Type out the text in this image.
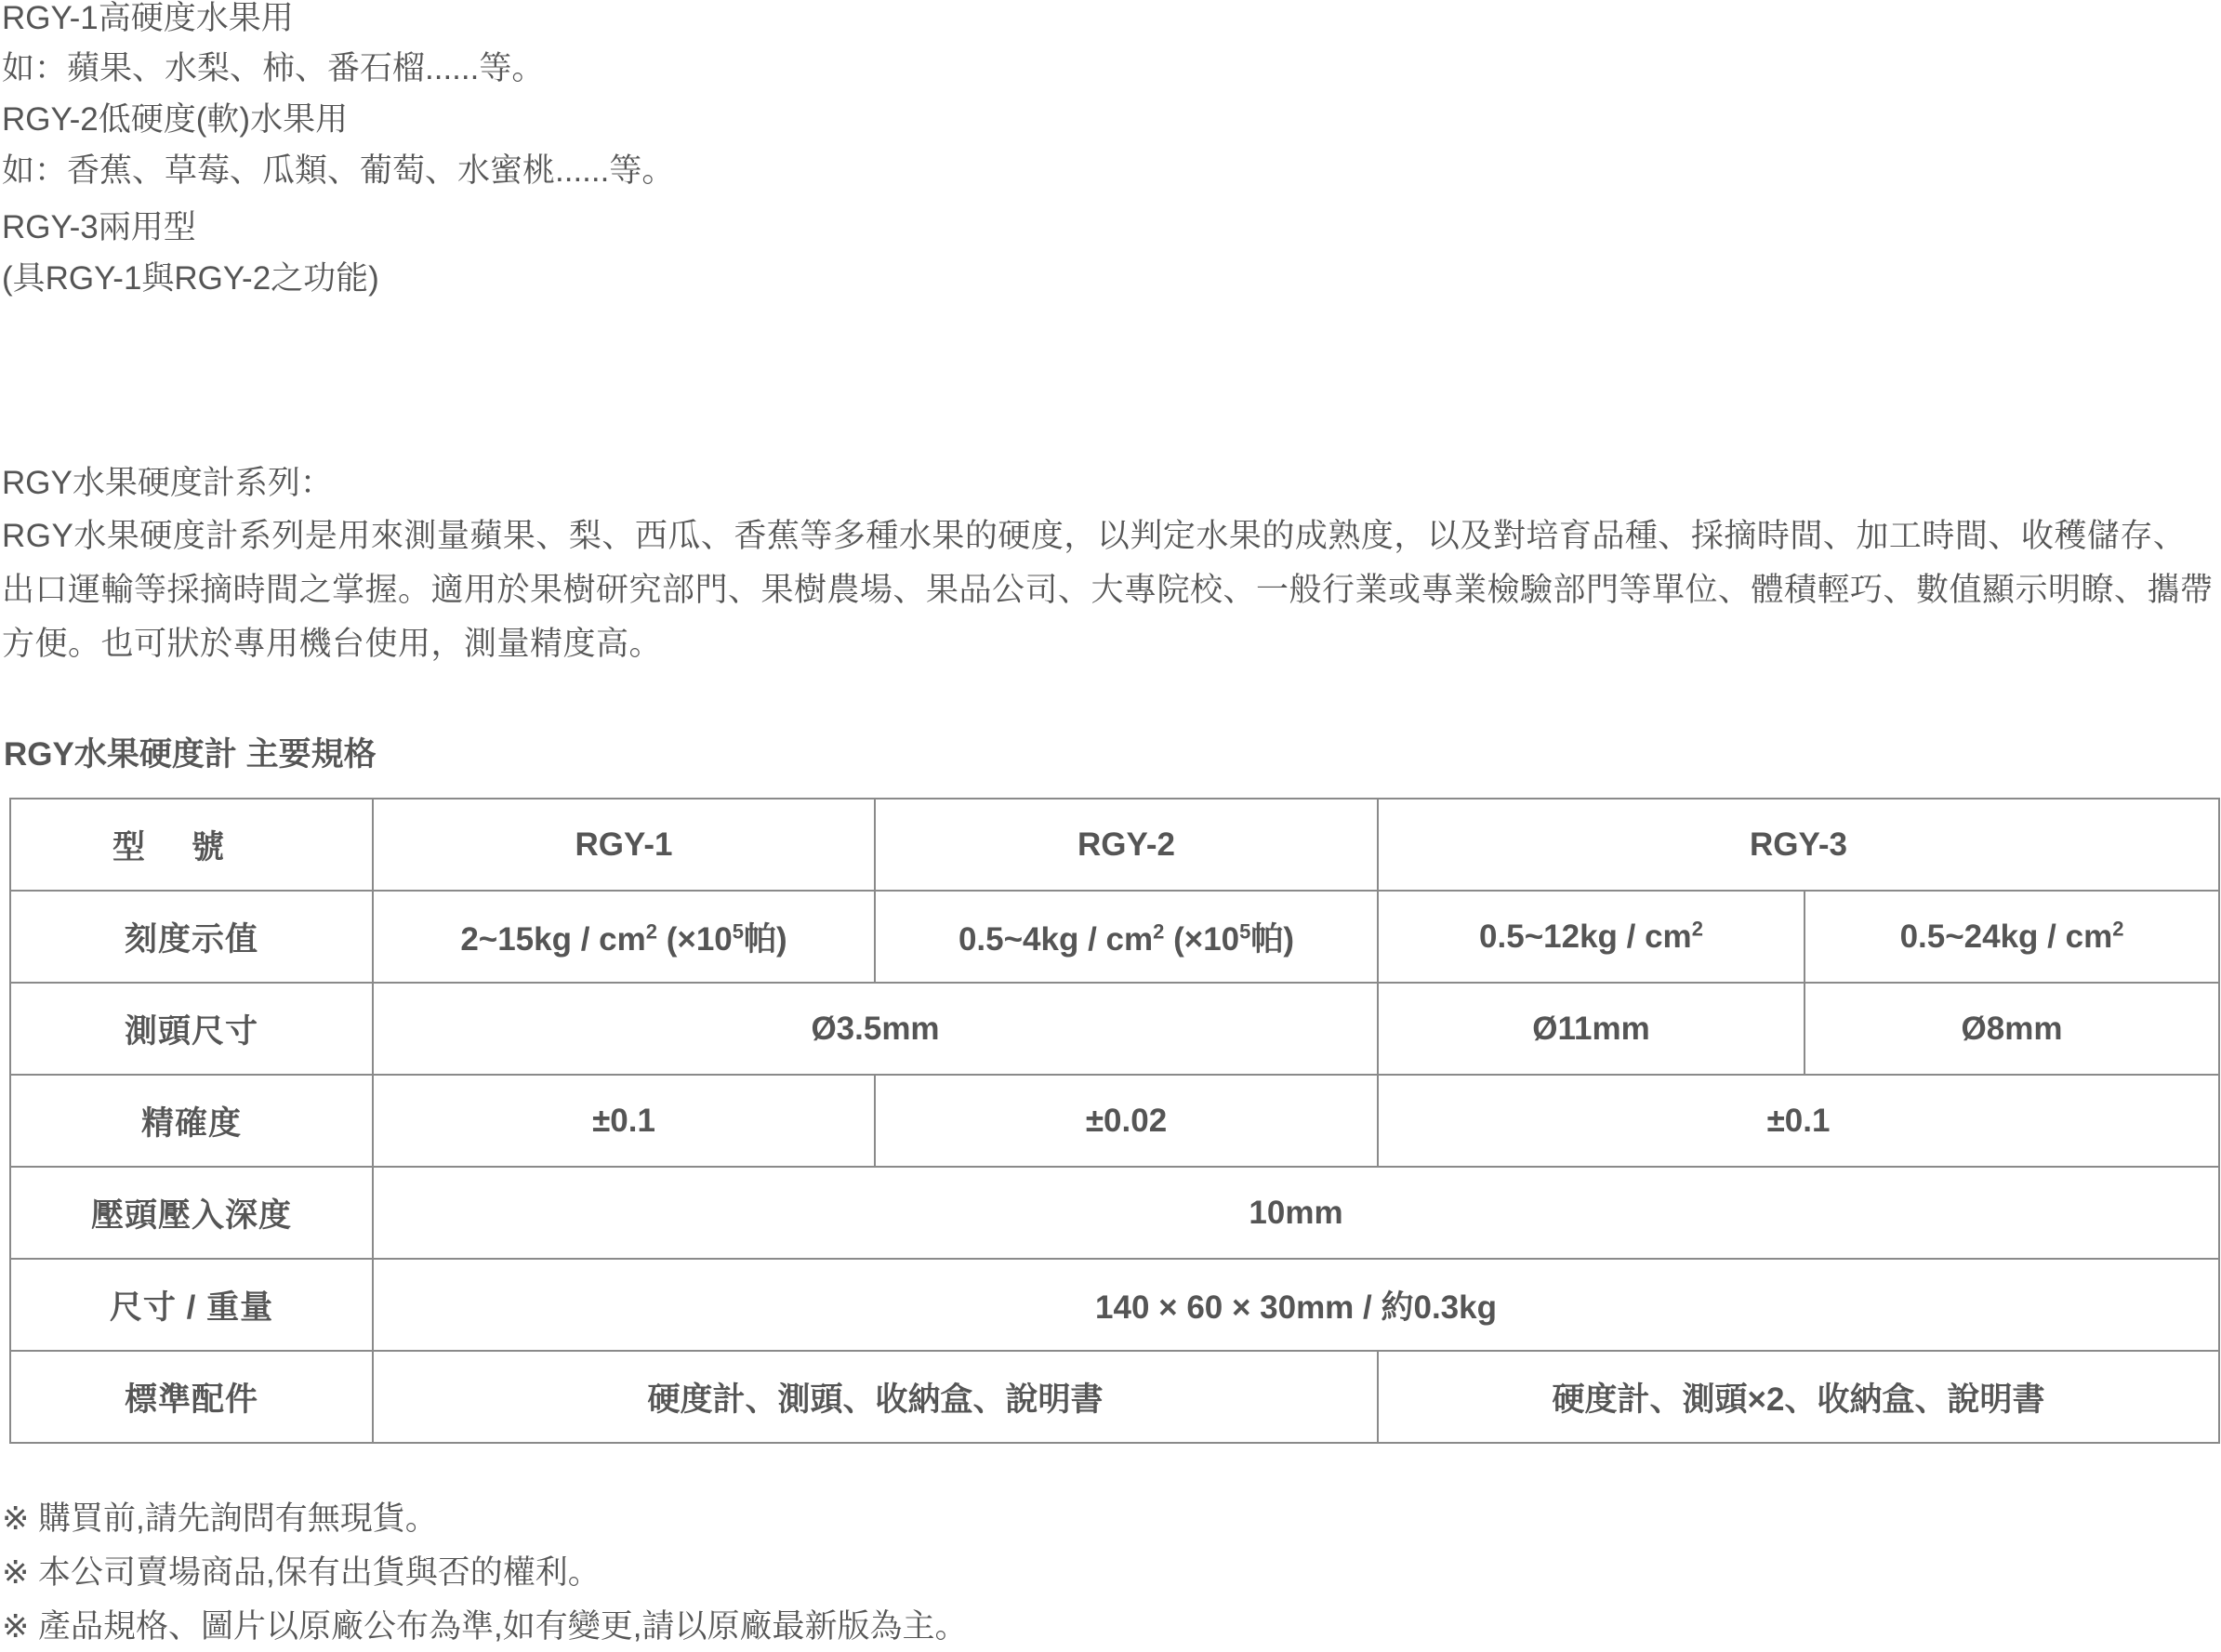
RGY-1高硬度水果用
如：蘋果、水梨、柿、番石榴......等。
RGY-2低硬度(軟)水果用
如：香蕉、草莓、瓜類、葡萄、水蜜桃......等。
RGY-3兩用型
(具RGY-1與RGY-2之功能)
RGY水果硬度計系列：
RGY水果硬度計系列是用來測量蘋果、梨、西瓜、香蕉等多種水果的硬度，以判定水果的成熟度，以及對培育品種、採摘時間、加工時間、收穫儲存、出口運輸等採摘時間之掌握。適用於果樹研究部門、果樹農場、果品公司、大專院校、一般行業或專業檢驗部門等單位、體積輕巧、數值顯示明瞭、攜帶方便。也可狀於專用機台使用，測量精度高。
RGY水果硬度計 主要規格
型號	RGY-1	RGY-2	RGY-3	
刻度示值	2~15kg / $cm^2$ ($\times 10^5$帕)	0.5~4kg / $cm^2$ ($\times 10^5$帕)	0.5~12kg / $cm^2$	0.5~24kg / $cm^2$
測頭尺寸	Ø3.5mm		Ø11mm	Ø8mm
精確度	±0.1	±0.02	±0.1	
壓頭壓入深度	10mm			
尺寸 / 重量	140 × 60 × 30mm / 約0.3kg			
標準配件	硬度計、測頭、收納盒、說明書		硬度計、測頭×2、收納盒、說明書	
※ 購買前,請先詢問有無現貨。
※ 本公司賣場商品,保有出貨與否的權利。
※ 產品規格、圖片以原廠公布為準,如有變更,請以原廠最新版為主。
